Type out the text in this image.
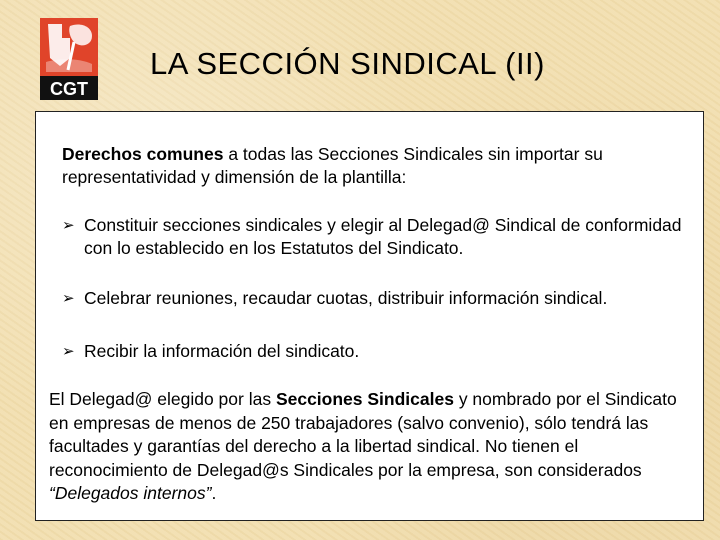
CGT
LA SECCIÓN SINDICAL (II)
Derechos comunes a todas las Secciones Sindicales sin importar su representatividad y dimensión de la plantilla:
➢ Constituir secciones sindicales y elegir al Delegad@ Sindical de conformidad con lo establecido en los Estatutos del Sindicato.
➢ Celebrar reuniones, recaudar cuotas, distribuir información sindical.
➢ Recibir la información del sindicato.
El Delegad@ elegido por las Secciones Sindicales y nombrado por el Sindicato en empresas de menos de 250 trabajadores (salvo convenio), sólo tendrá las facultades y garantías del derecho a la libertad sindical. No tienen el reconocimiento de Delegad@s Sindicales por la empresa, son considerados “Delegados internos”.
